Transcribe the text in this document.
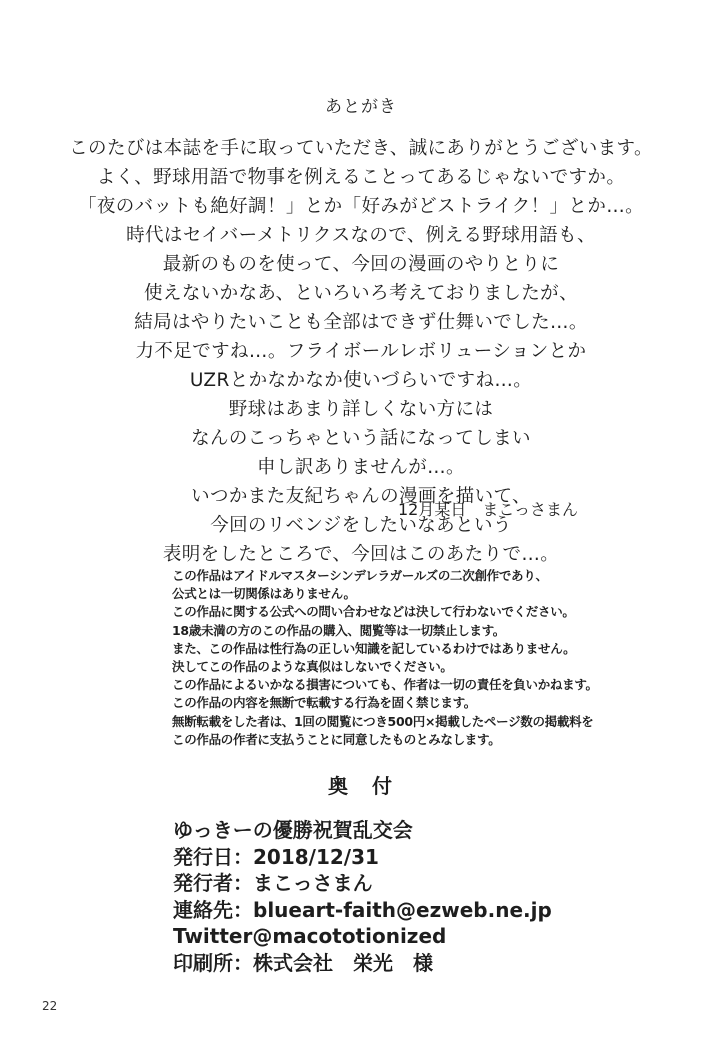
あとがき
このたびは本誌を手に取っていただき、誠にありがとうございます。
よく、野球用語で物事を例えることってあるじゃないですか。
「夜のバットも絶好調！」とか「好みがどストライク！」とか…。
時代はセイバーメトリクスなので、例える野球用語も、
最新のものを使って、今回の漫画のやりとりに
使えないかなあ、といろいろ考えておりましたが、
結局はやりたいことも全部はできず仕舞いでした…。
力不足ですね…。フライボールレボリューションとか
UZRとかなかなか使いづらいですね…。
野球はあまり詳しくない方には
なんのこっちゃという話になってしまい
申し訳ありませんが…。
いつかまた友紀ちゃんの漫画を描いて、
今回のリベンジをしたいなあという
表明をしたところで、今回はこのあたりで…。
12月某日　まこっさまん
この作品はアイドルマスターシンデレラガールズの二次創作であり、
公式とは一切関係はありません。
この作品に関する公式への問い合わせなどは決して行わないでください。
18歳未満の方のこの作品の購入、閲覧等は一切禁止します。
また、この作品は性行為の正しい知識を記しているわけではありません。
決してこの作品のような真似はしないでください。
この作品によるいかなる損害についても、作者は一切の責任を負いかねます。
この作品の内容を無断で転載する行為を固く禁じます。
無断転載をした者は、1回の閲覧につき500円×掲載したページ数の掲載料を
この作品の作者に支払うことに同意したものとみなします。
奥　付
ゆっきーの優勝祝賀乱交会
発行日：2018/12/31
発行者：まこっさまん
連絡先：blueart-faith@ezweb.ne.jp
Twitter@macototionized
印刷所：株式会社　栄光　様
22
